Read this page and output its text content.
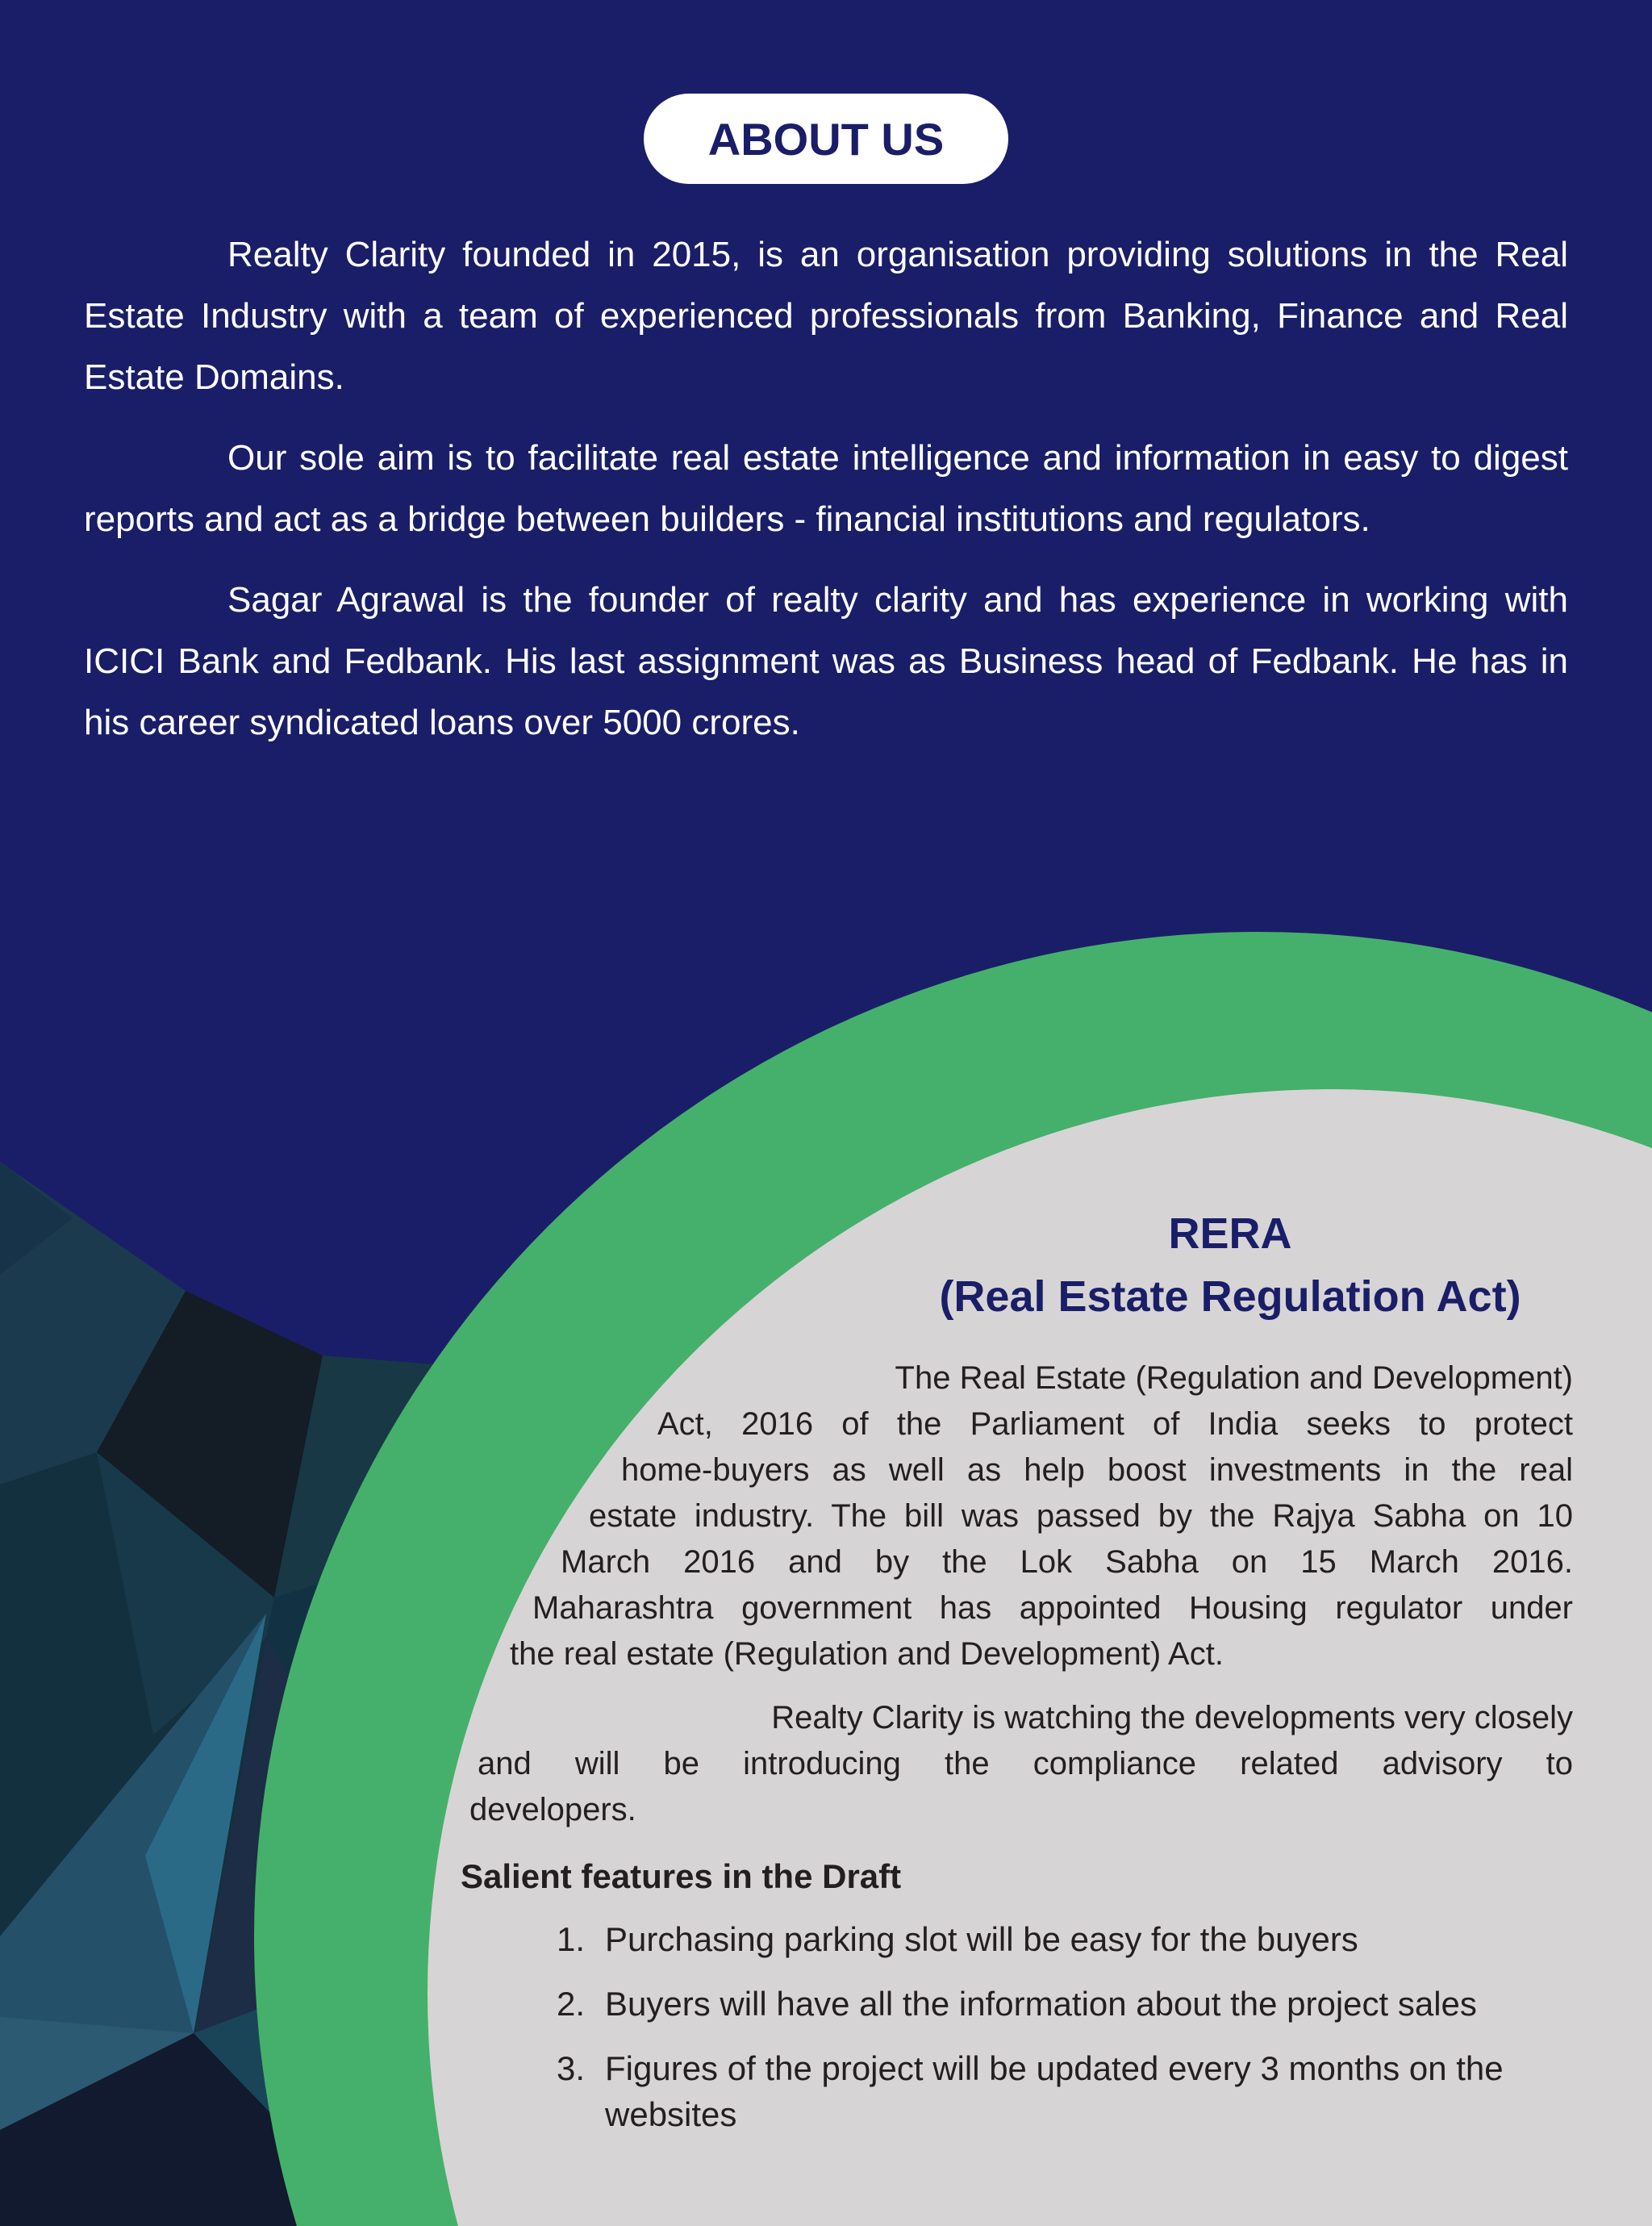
ABOUT US

Realty Clarity founded in 2015, is an organisation providing solutions in the Real Estate Industry with a team of experienced professionals from Banking, Finance and Real Estate Domains.

Our sole aim is to facilitate real estate intelligence and information in easy to digest reports and act as a bridge between builders - financial institutions and regulators.

Sagar Agrawal is the founder of realty clarity and has experience in working with ICICI Bank and Fedbank. His last assignment was as Business head of Fedbank. He has in his career syndicated loans over 5000 crores.

RERA
(Real Estate Regulation Act)
The Real Estate (Regulation and Development)
Act, 2016 of the Parliament of India seeks to protect
home-buyers as well as help boost investments in the real
estate industry. The bill was passed by the Rajya Sabha on 10
March 2016 and by the Lok Sabha on 15 March 2016.
Maharashtra government has appointed Housing regulator under
the real estate (Regulation and Development) Act.
Realty Clarity is watching the developments very closely
and will be introducing the compliance related advisory to
developers.
Salient features in the Draft
1. Purchasing parking slot will be easy for the buyers
2. Buyers will have all the information about the project sales
3. Figures of the project will be updated every 3 months on the websites
